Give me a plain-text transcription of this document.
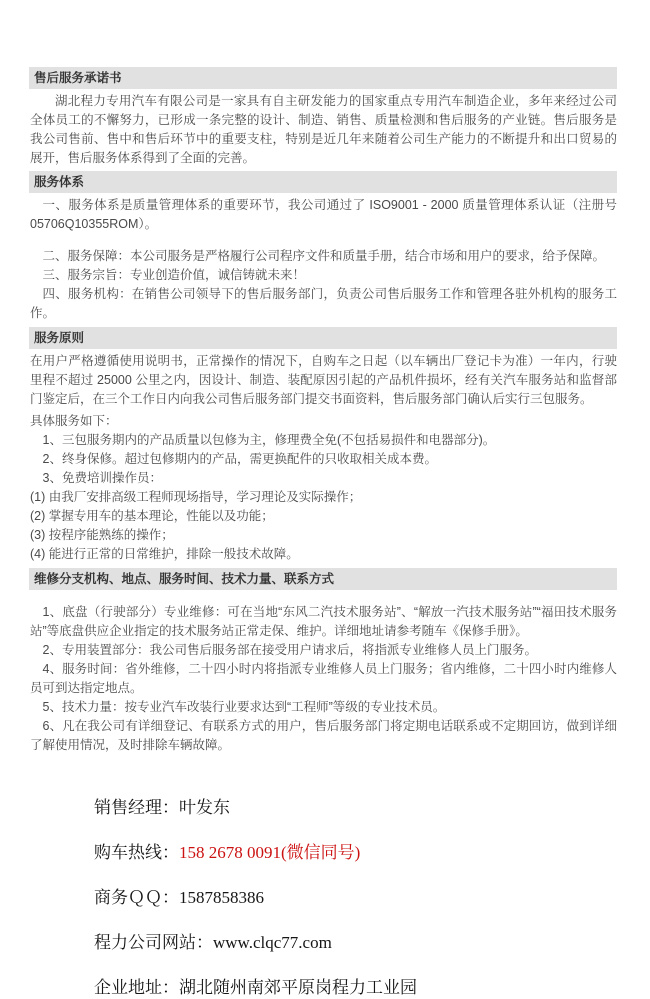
售后服务承诺书

湖北程力专用汽车有限公司是一家具有自主研发能力的国家重点专用汽车制造企业，多年来经过公司全体员工的不懈努力，已形成一条完整的设计、制造、销售、质量检测和售后服务的产业链。售后服务是我公司售前、售中和售后环节中的重要支柱，特别是近几年来随着公司生产能力的不断提升和出口贸易的展开，售后服务体系得到了全面的完善。

服务体系
一、服务体系是质量管理体系的重要环节，我公司通过了 ISO9001 - 2000 质量管理体系认证（注册号 05706Q10355ROM）。
二、服务保障：本公司服务是严格履行公司程序文件和质量手册，结合市场和用户的要求，给予保障。
三、服务宗旨：专业创造价值，诚信铸就未来！
四、服务机构：在销售公司领导下的售后服务部门，负责公司售后服务工作和管理各驻外机构的服务工作。
服务原则

在用户严格遵循使用说明书，正常操作的情况下，自购车之日起（以车辆出厂登记卡为准）一年内，行驶里程不超过 25000 公里之内，因设计、制造、装配原因引起的产品机件损坏，经有关汽车服务站和监督部门鉴定后，在三个工作日内向我公司售后服务部门提交书面资料，售后服务部门确认后实行三包服务。

具体服务如下：
1、三包服务期内的产品质量以包修为主，修理费全免(不包括易损件和电器部分)。
2、终身保修。超过包修期内的产品，需更换配件的只收取相关成本费。
3、免费培训操作员：
(1) 由我厂安排高级工程师现场指导，学习理论及实际操作；
(2) 掌握专用车的基本理论，性能以及功能；
(3) 按程序能熟练的操作；
(4) 能进行正常的日常维护，排除一般技术故障。
维修分支机构、地点、服务时间、技术力量、联系方式
1、底盘（行驶部分）专业维修：可在当地“东风二汽技术服务站”、“解放一汽技术服务站”“福田技术服务站”等底盘供应企业指定的技术服务站正常走保、维护。详细地址请参考随车《保修手册》。
2、专用装置部分：我公司售后服务部在接受用户请求后，将指派专业维修人员上门服务。
4、服务时间：省外维修，二十四小时内将指派专业维修人员上门服务；省内维修，二十四小时内维修人员可到达指定地点。
5、技术力量：按专业汽车改装行业要求达到“工程师”等级的专业技术员。
6、凡在我公司有详细登记、有联系方式的用户，售后服务部门将定期电话联系或不定期回访，做到详细了解使用情况，及时排除车辆故障。
销售经理：叶发东
购车热线：158 2678 0091(微信同号)
商务ＱＱ：1587858386
程力公司网站：www.clqc77.com
企业地址：湖北随州南郊平原岗程力工业园
